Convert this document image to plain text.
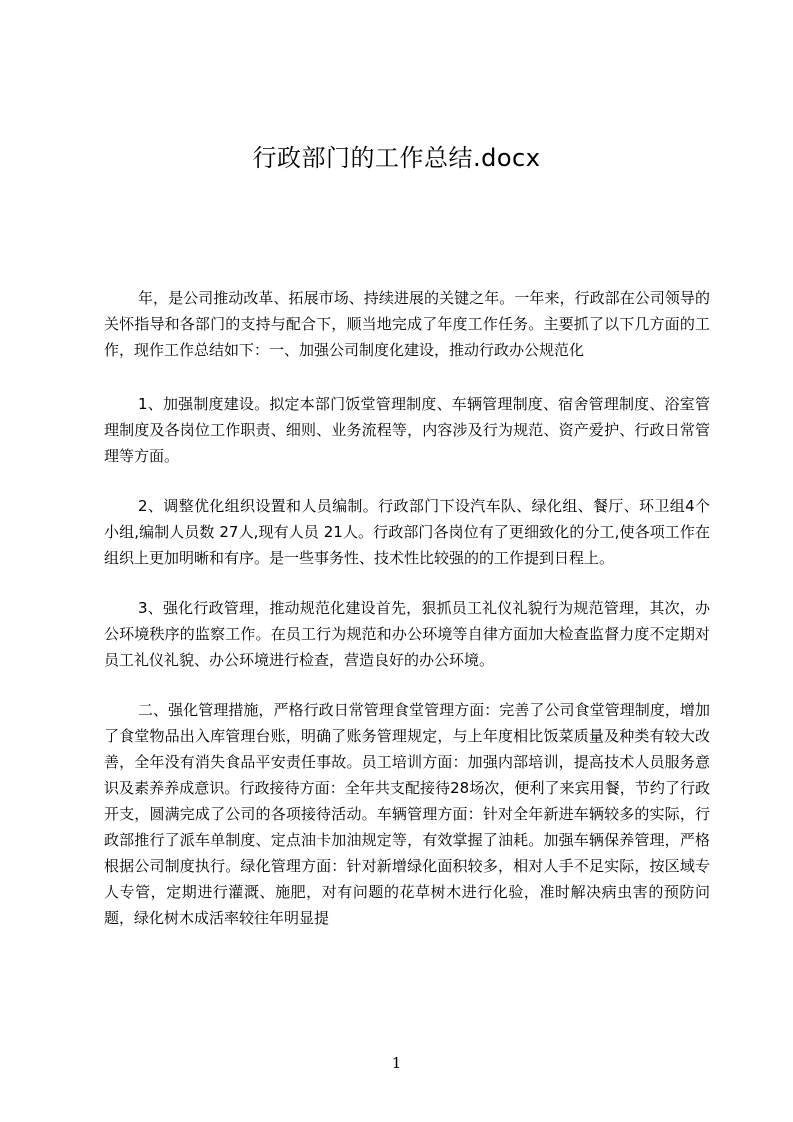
行政部门的工作总结.docx

年，是公司推动改革、拓展市场、持续进展的关键之年。一年来，行政部在公司领导的关怀指导和各部门的支持与配合下，顺当地完成了年度工作任务。主要抓了以下几方面的工作，现作工作总结如下：一、加强公司制度化建设，推动行政办公规范化

1、加强制度建设。拟定本部门饭堂管理制度、车辆管理制度、宿舍管理制度、浴室管理制度及各岗位工作职责、细则、业务流程等，内容涉及行为规范、资产爱护、行政日常管理等方面。

2、调整优化组织设置和人员编制。行政部门下设汽车队、绿化组、餐厅、环卫组4个小组,编制人员数 27人,现有人员 21人。行政部门各岗位有了更细致化的分工,使各项工作在组织上更加明晰和有序。是一些事务性、技术性比较强的的工作提到日程上。

3、强化行政管理，推动规范化建设首先，狠抓员工礼仪礼貌行为规范管理，其次，办公环境秩序的监察工作。在员工行为规范和办公环境等自律方面加大检查监督力度不定期对员工礼仪礼貌、办公环境进行检查，营造良好的办公环境。

二、强化管理措施，严格行政日常管理食堂管理方面：完善了公司食堂管理制度，增加了食堂物品出入库管理台账，明确了账务管理规定，与上年度相比饭菜质量及种类有较大改善，全年没有消失食品平安责任事故。员工培训方面：加强内部培训，提高技术人员服务意识及素养养成意识。行政接待方面：全年共支配接待28场次，便利了来宾用餐，节约了行政开支，圆满完成了公司的各项接待活动。车辆管理方面：针对全年新进车辆较多的实际，行政部推行了派车单制度、定点油卡加油规定等，有效掌握了油耗。加强车辆保养管理，严格根据公司制度执行。绿化管理方面：针对新增绿化面积较多，相对人手不足实际，按区域专人专管，定期进行灌溉、施肥，对有问题的花草树木进行化验，准时解决病虫害的预防问题，绿化树木成活率较往年明显提

1
